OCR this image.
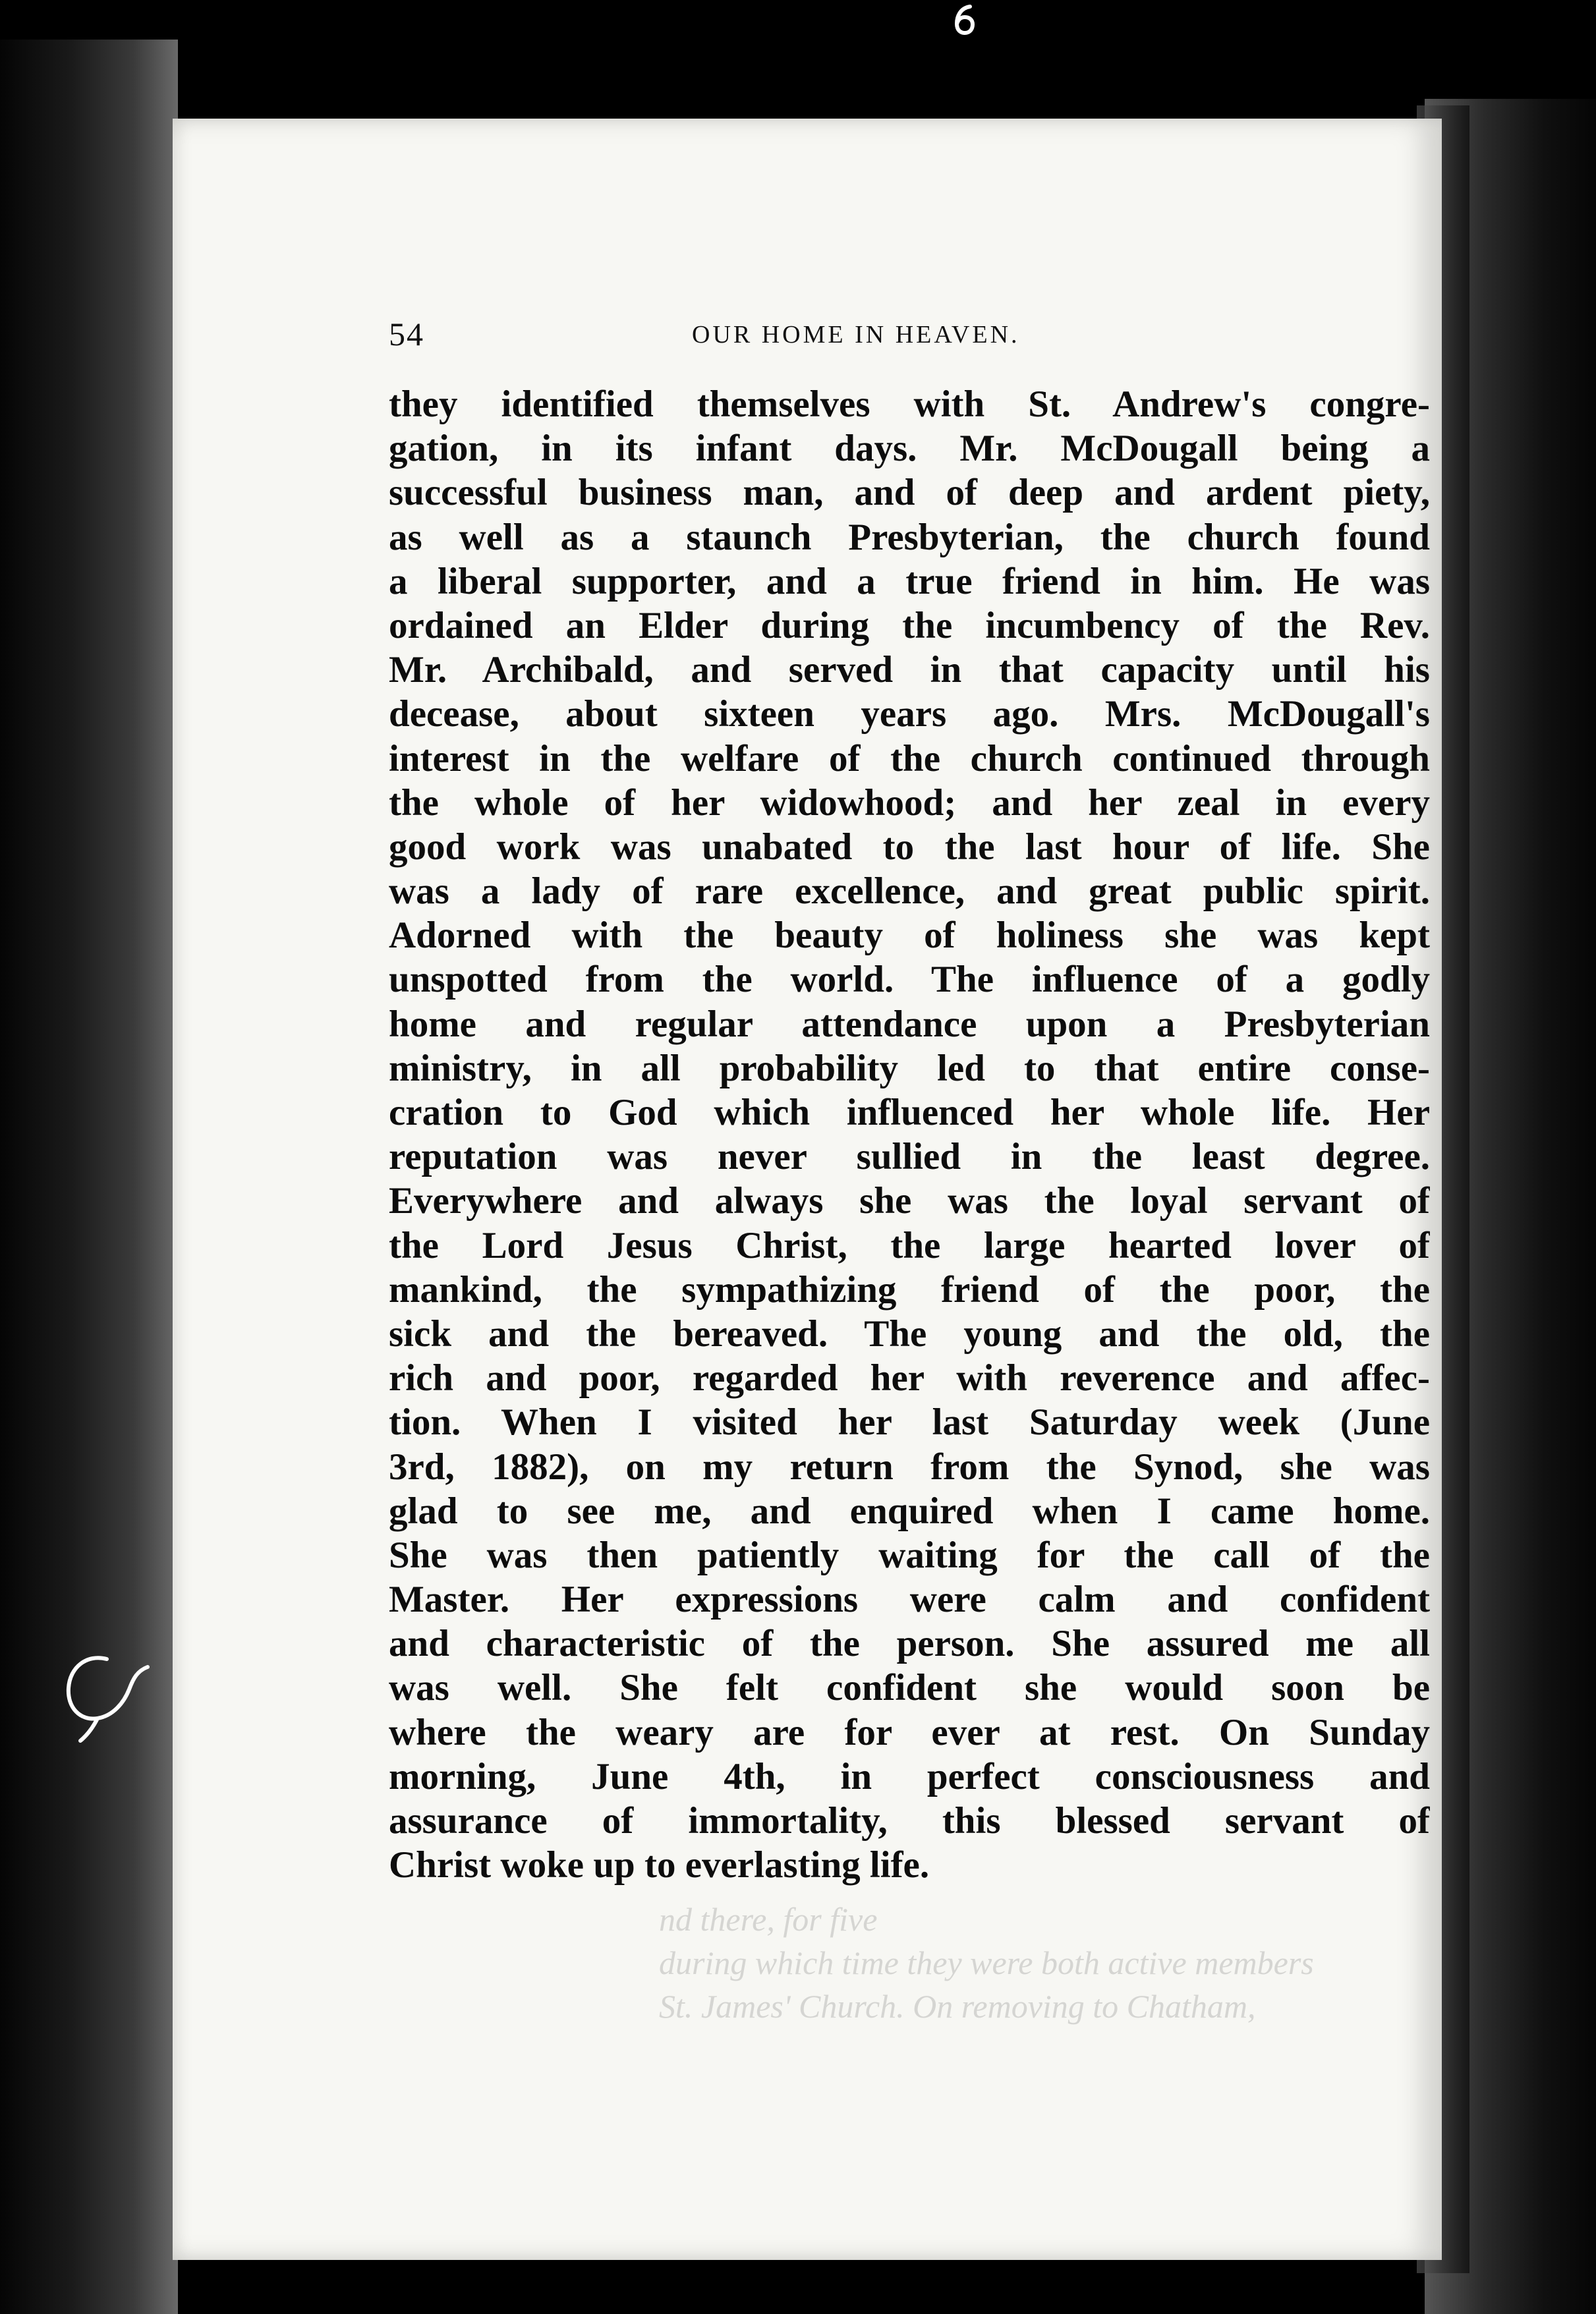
54	OUR HOME IN HEAVEN.
nd there, for five
during which time they were both active members
St. James' Church. On removing to Chatham,
they identified themselves with St. Andrew's congre-
gation, in its infant days. Mr. McDougall being a
successful business man, and of deep and ardent piety,
as well as a staunch Presbyterian, the church found
a liberal supporter, and a true friend in him. He was
ordained an Elder during the incumbency of the Rev.
Mr. Archibald, and served in that capacity until his
decease, about sixteen years ago. Mrs. McDougall's
interest in the welfare of the church continued through
the whole of her widowhood; and her zeal in every
good work was unabated to the last hour of life. She
was a lady of rare excellence, and great public spirit.
Adorned with the beauty of holiness she was kept
unspotted from the world. The influence of a godly
home and regular attendance upon a Presbyterian
ministry, in all probability led to that entire conse-
cration to God which influenced her whole life. Her
reputation was never sullied in the least degree.
Everywhere and always she was the loyal servant of
the Lord Jesus Christ, the large hearted lover of
mankind, the sympathizing friend of the poor, the
sick and the bereaved. The young and the old, the
rich and poor, regarded her with reverence and affec-
tion. When I visited her last Saturday week (June
3rd, 1882), on my return from the Synod, she was
glad to see me, and enquired when I came home.
She was then patiently waiting for the call of the
Master. Her expressions were calm and confident
and characteristic of the person. She assured me all
was well. She felt confident she would soon be
where the weary are for ever at rest. On Sunday
morning, June 4th, in perfect consciousness and
assurance of immortality, this blessed servant of
Christ woke up to everlasting life.
